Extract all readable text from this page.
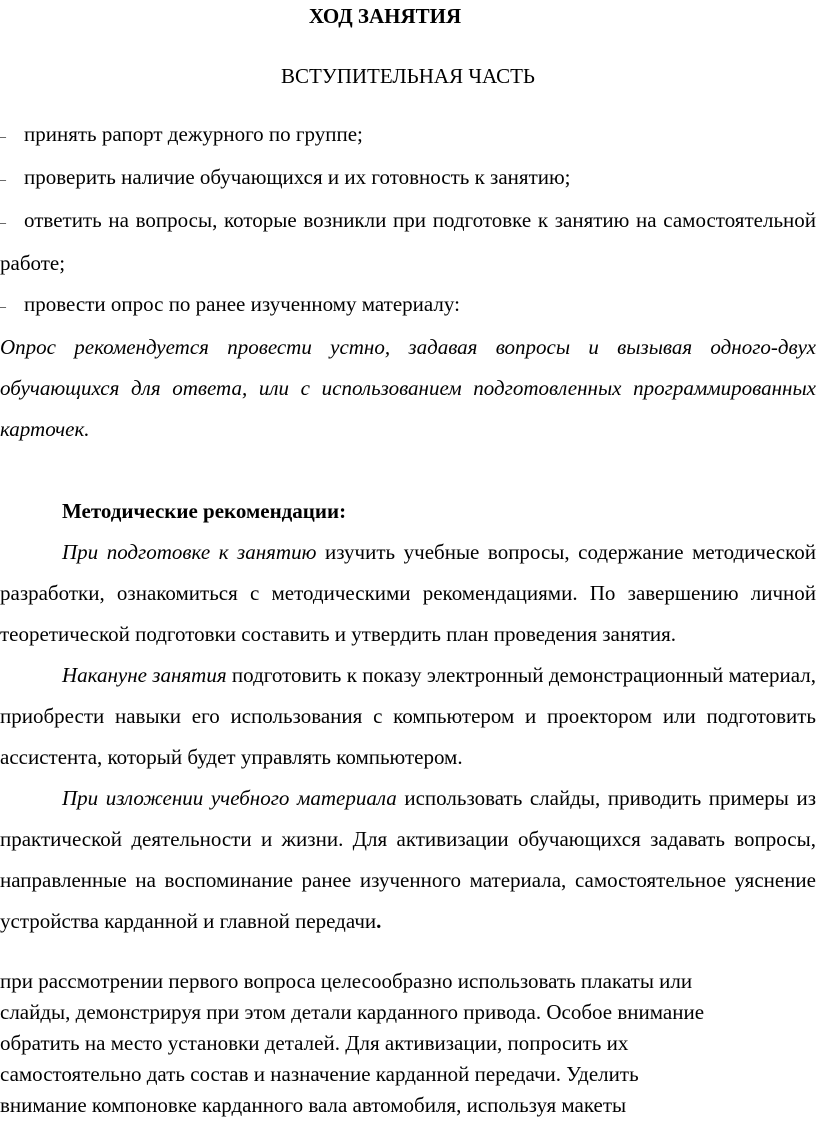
ХОД ЗАНЯТИЯ
ВСТУПИТЕЛЬНАЯ ЧАСТЬ

– принять рапорт дежурного по группе;

– проверить наличие обучающихся и их готовность к занятию;

– ответить на вопросы, которые возникли при подготовке к занятию на самостоятельной работе;

– провести опрос по ранее изученному материалу:

Опрос рекомендуется провести устно, задавая вопросы и вызывая одного-двух обучающихся для ответа, или с использованием подготовленных программированных карточек.

Методические рекомендации:

При подготовке к занятию изучить учебные вопросы, содержание методической разработки, ознакомиться с методическими рекомендациями. По завершению личной теоретической подготовки составить и утвердить план проведения занятия.

Накануне занятия подготовить к показу электронный демонстрационный материал, приобрести навыки его использования с компьютером и проектором или подготовить ассистента, который будет управлять компьютером.

При изложении учебного материала использовать слайды, приводить примеры из практической деятельности и жизни. Для активизации обучающихся задавать вопросы, направленные на воспоминание ранее изученного материала, самостоятельное уяснение устройства карданной и главной передачи.

при рассмотрении первого вопроса целесообразно использовать плакаты или

слайды, демонстрируя при этом детали карданного привода. Особое внимание

обратить на место установки деталей. Для активизации, попросить их

самостоятельно дать состав и назначение карданной передачи. Уделить

внимание компоновке карданного вала автомобиля, используя макеты
